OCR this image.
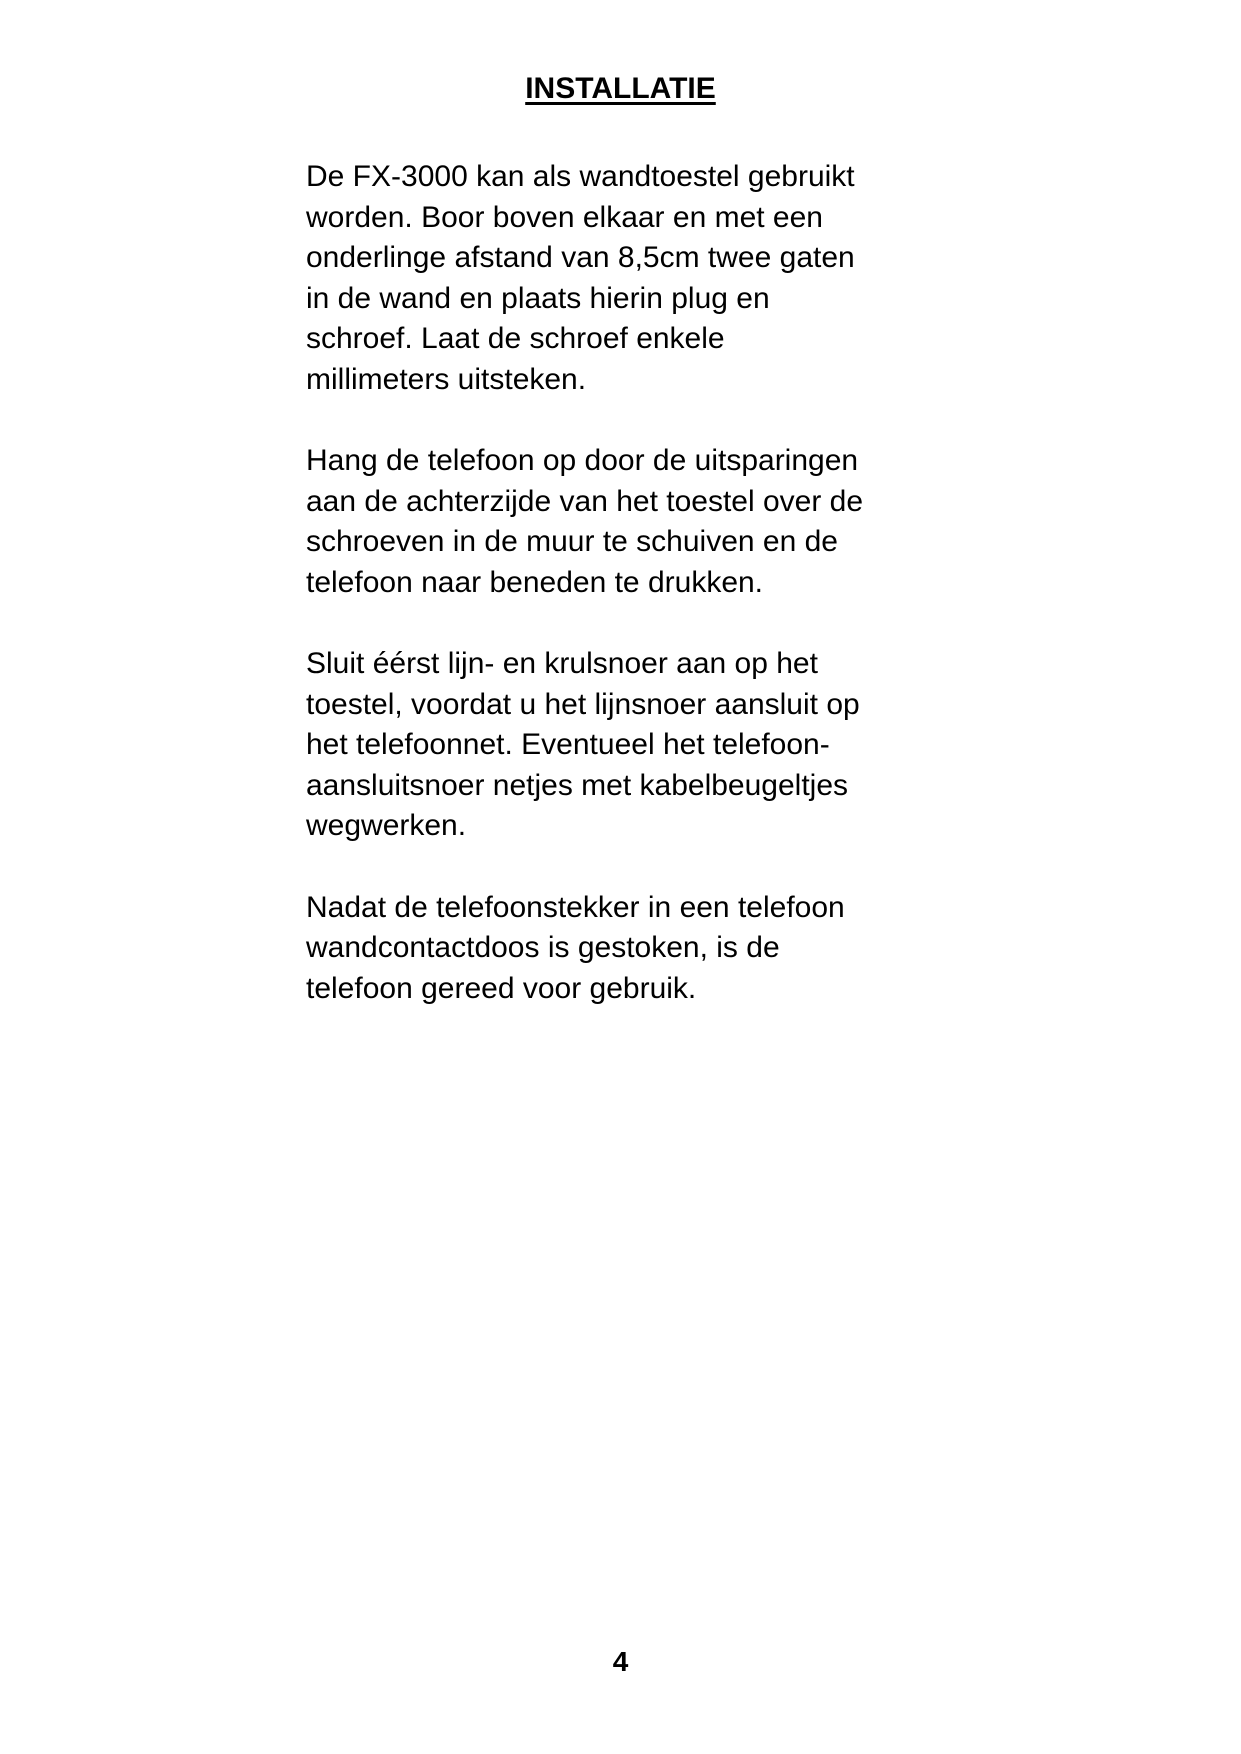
INSTALLATIE

De FX-3000 kan als wandtoestel gebruikt
worden. Boor boven elkaar en met een
onderlinge afstand van 8,5cm twee gaten
in de wand en plaats hierin plug en
schroef. Laat de schroef enkele
millimeters uitsteken.

Hang de telefoon op door de uitsparingen
aan de achterzijde van het toestel over de
schroeven in de muur te schuiven en de
telefoon naar beneden te drukken.

Sluit éérst lijn- en krulsnoer aan op het
toestel, voordat u het lijnsnoer aansluit op
het telefoonnet. Eventueel het telefoon-
aansluitsnoer netjes met kabelbeugeltjes
wegwerken.

Nadat de telefoonstekker in een telefoon
wandcontactdoos is gestoken, is de
telefoon gereed voor gebruik.

4
